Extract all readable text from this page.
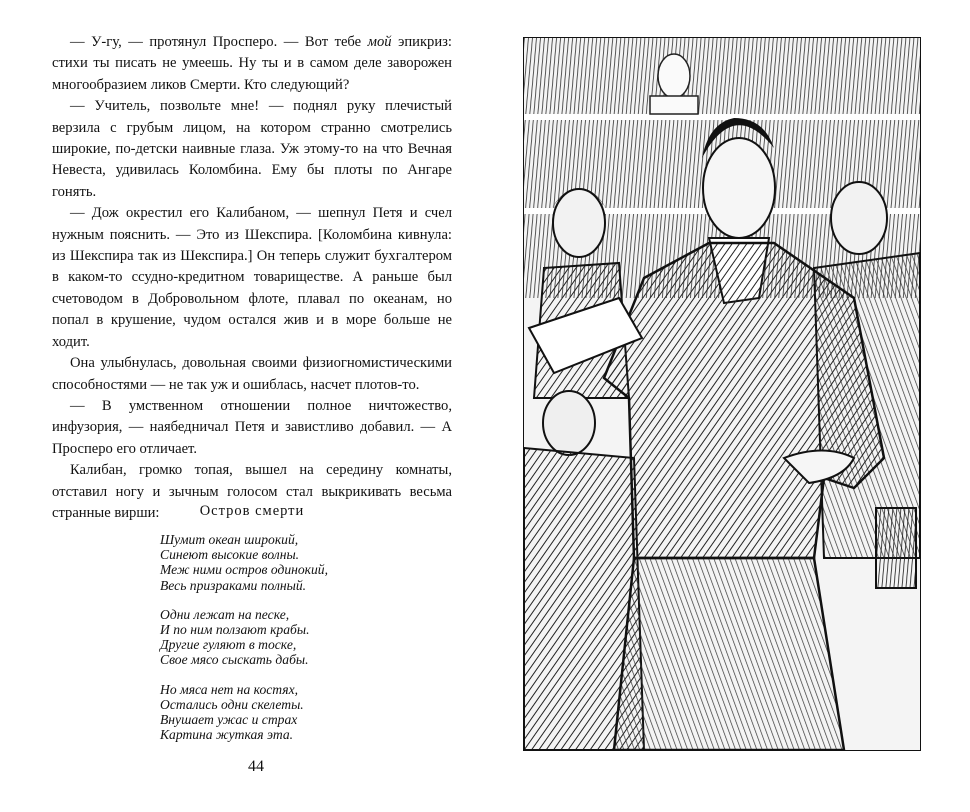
— У-гу, — протянул Просперо. — Вот тебе мой эпикриз: стихи ты писать не умеешь. Hу ты и в самом деле заворожен многообразием ликов Смерти. Кто следующий?

— Учитель, позвольте мне! — поднял руку плечистый верзила с грубым лицом, на котором странно смотрелись широкие, по-детски наивные глаза. Уж этому-то на что Вечная Невеста, удивилась Коломбина. Ему бы плоты по Ангаре гонять.

— Дож окрестил его Калибаном, — шепнул Петя и счел нужным пояснить. — Это из Шекспира. [Коломбина кивнула: из Шекспира так из Шекспира.] Он теперь служит бухгалтером в каком-то ссудно-кредитном товариществе. А раньше был счетоводом в Добровольном флоте, плавал по океанам, но попал в крушение, чудом остался жив и в море больше не ходит.

Она улыбнулась, довольная своими физиогномистическими способностями — не так уж и ошиблась, насчет плотов-то.

— В умственном отношении полное ничтожество, инфузория, — наябедничал Петя и завистливо добавил. — А Просперо его отличает.

Калибан, громко топая, вышел на середину комнаты, отставил ногу и зычным голосом стал выкрикивать весьма странные вирши:	Остров смерти
Шумит океан широкий,
Синеют высокие волны.
Меж ними остров одинокий,
Весь призраками полный.
Одни лежат на песке,
И по ним ползают крабы.
Другие гуляют в тоске,
Свое мясо сыскать дабы.
Но мяса нет на костях,
Остались одни скелеты.
Внушает ужас и страх
Картина жуткая эта.
44
